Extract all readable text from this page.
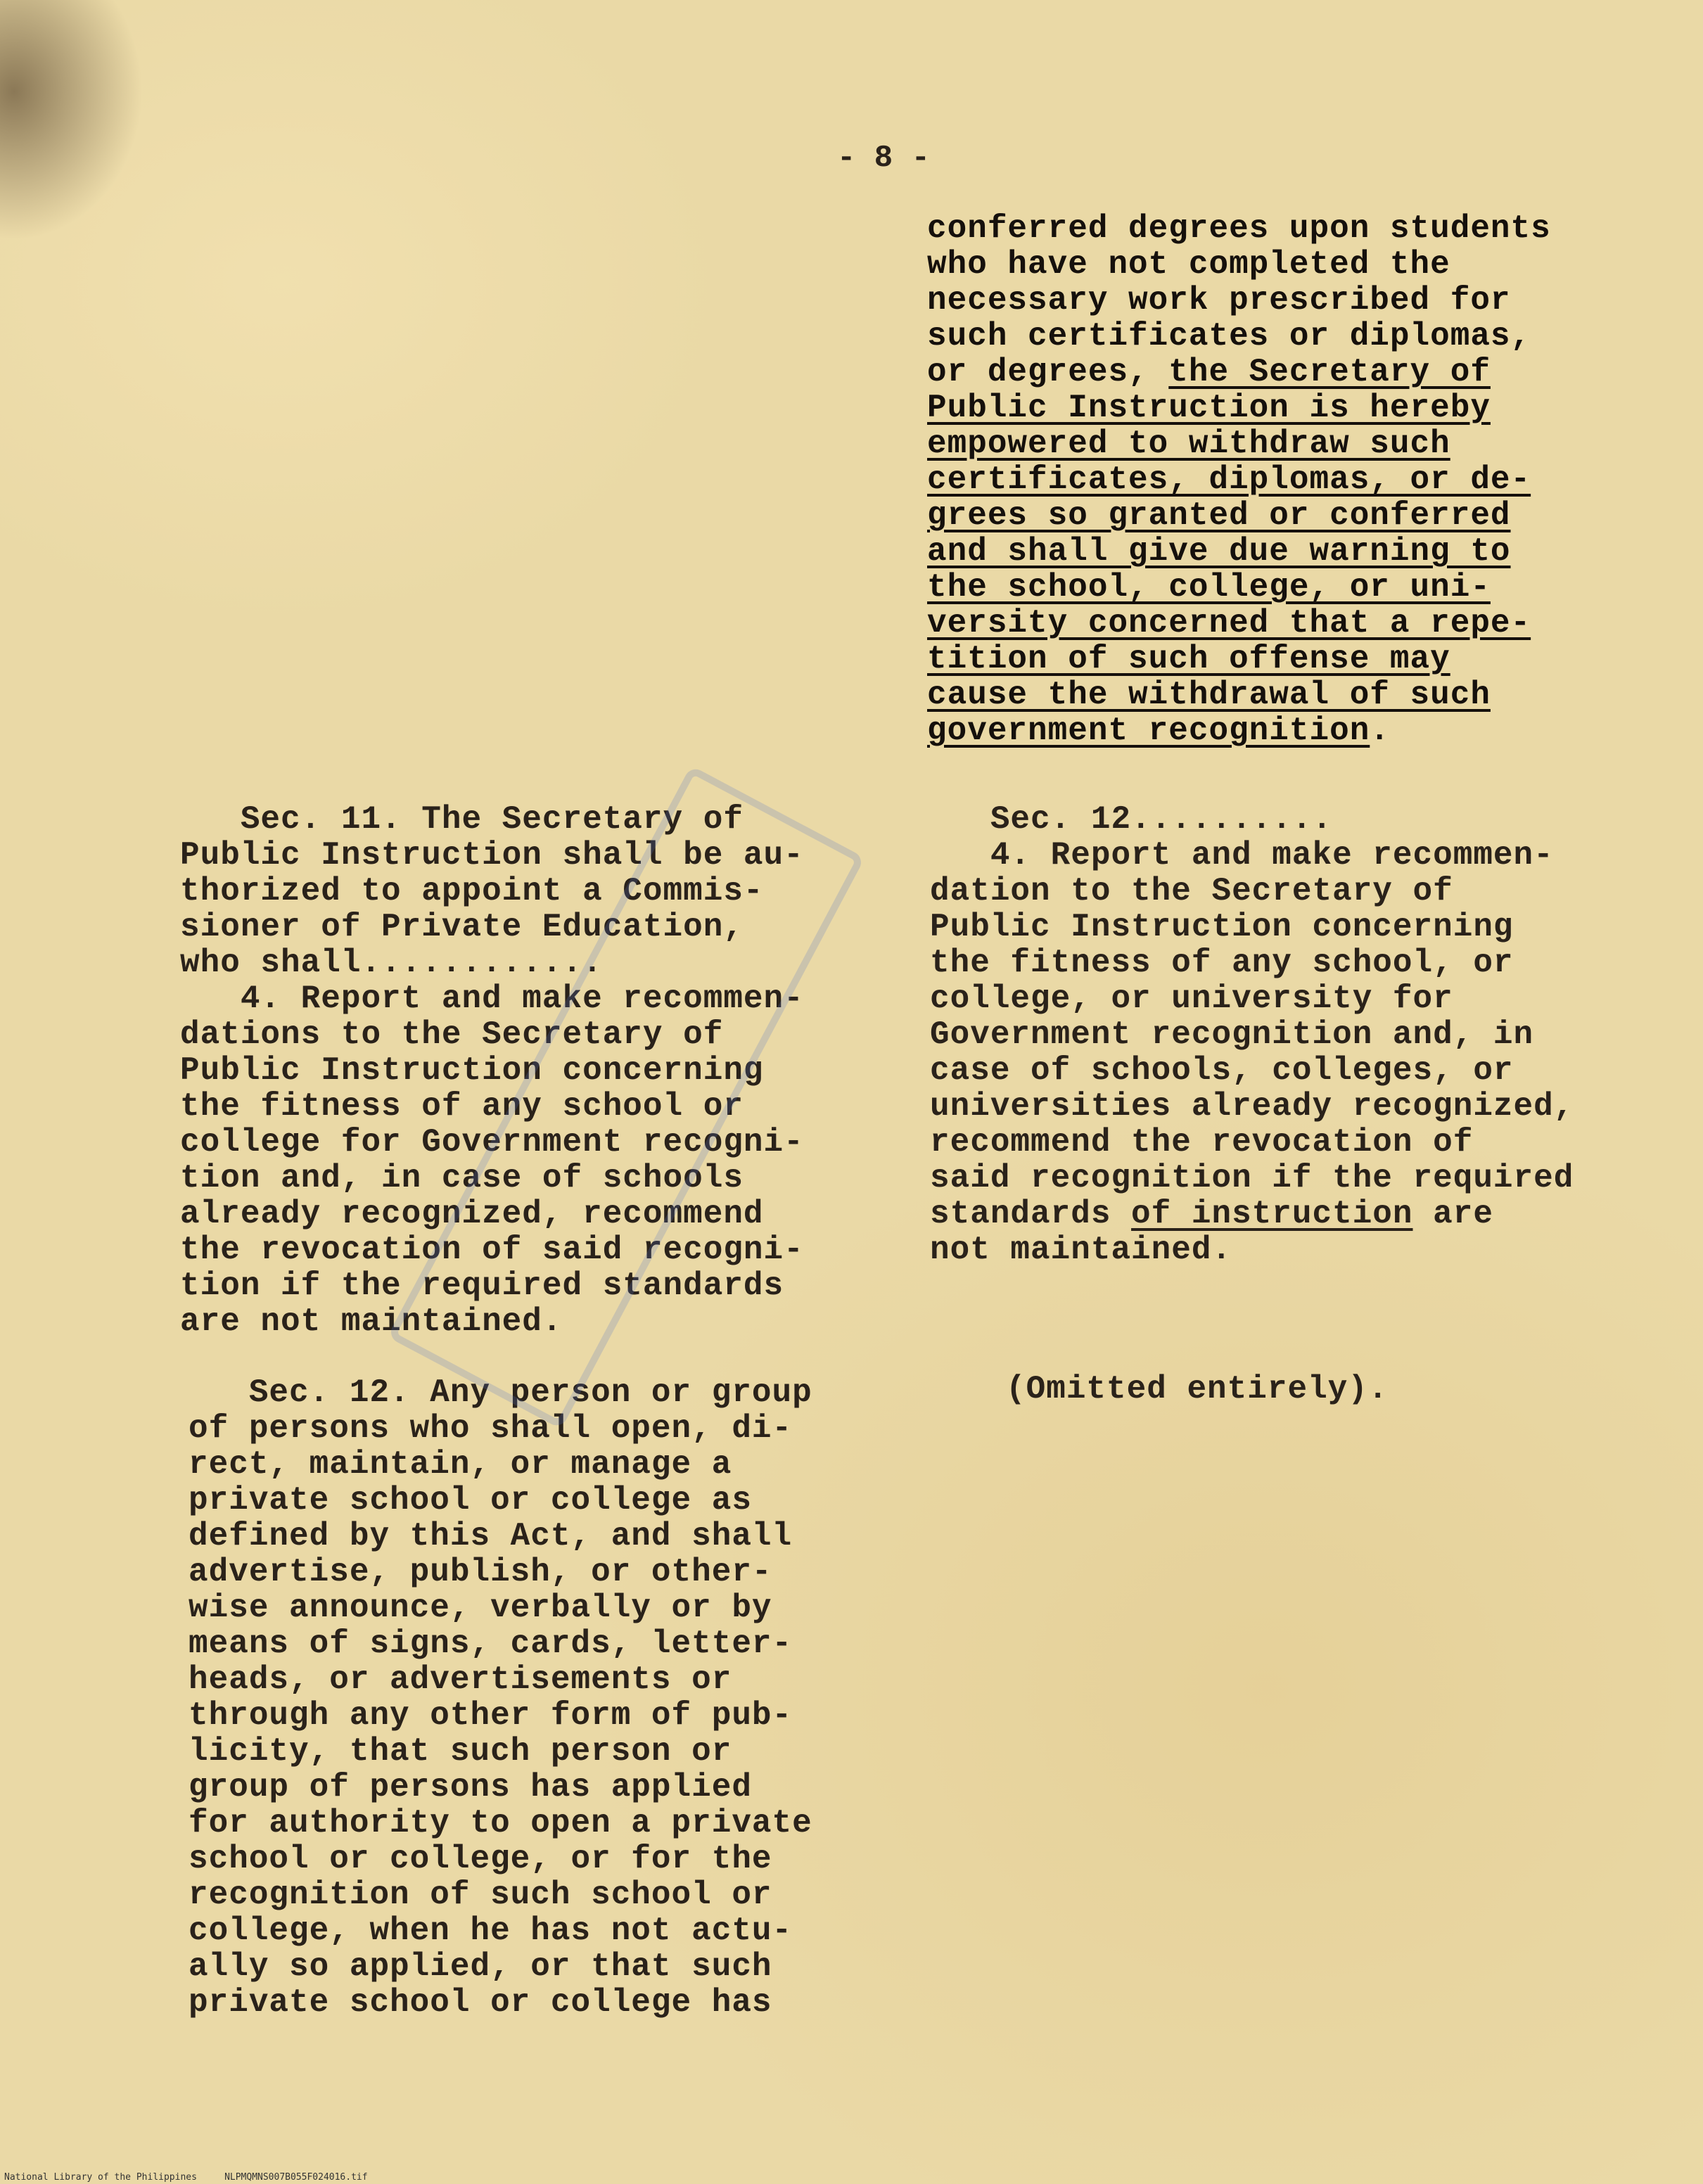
- 8 -
conferred degrees upon students
who have not completed the
necessary work prescribed for
such certificates or diplomas,
or degrees, the Secretary of
Public Instruction is hereby
empowered to withdraw such
certificates, diplomas, or de-
grees so granted or conferred
and shall give due warning to
the school, college, or uni-
versity concerned that a repe-
tition of such offense may
cause the withdrawal of such
government recognition.
Sec. 11. The Secretary of
Public Instruction shall be au-
thorized to appoint a Commis-
sioner of Private Education,
who shall............
4. Report and make recommen-
dations to the Secretary of
Public Instruction concerning
the fitness of any school or
college for Government recogni-
tion and, in case of schools
already recognized, recommend
the revocation of said recogni-
tion if the required standards
are not maintained.
Sec. 12..........
4. Report and make recommen-
dation to the Secretary of
Public Instruction concerning
the fitness of any school, or
college, or university for
Government recognition and, in
case of schools, colleges, or
universities already recognized,
recommend the revocation of
said recognition if the required
standards of instruction are
not maintained.
Sec. 12. Any person or group
of persons who shall open, di-
rect, maintain, or manage a
private school or college as
defined by this Act, and shall
advertise, publish, or other-
wise announce, verbally or by
means of signs, cards, letter-
heads, or advertisements or
through any other form of pub-
licity, that such person or
group of persons has applied
for authority to open a private
school or college, or for the
recognition of such school or
college, when he has not actu-
ally so applied, or that such
private school or college has
(Omitted entirely).
National Library of the Philippines     NLPMQMNS007B055F024016.tif
